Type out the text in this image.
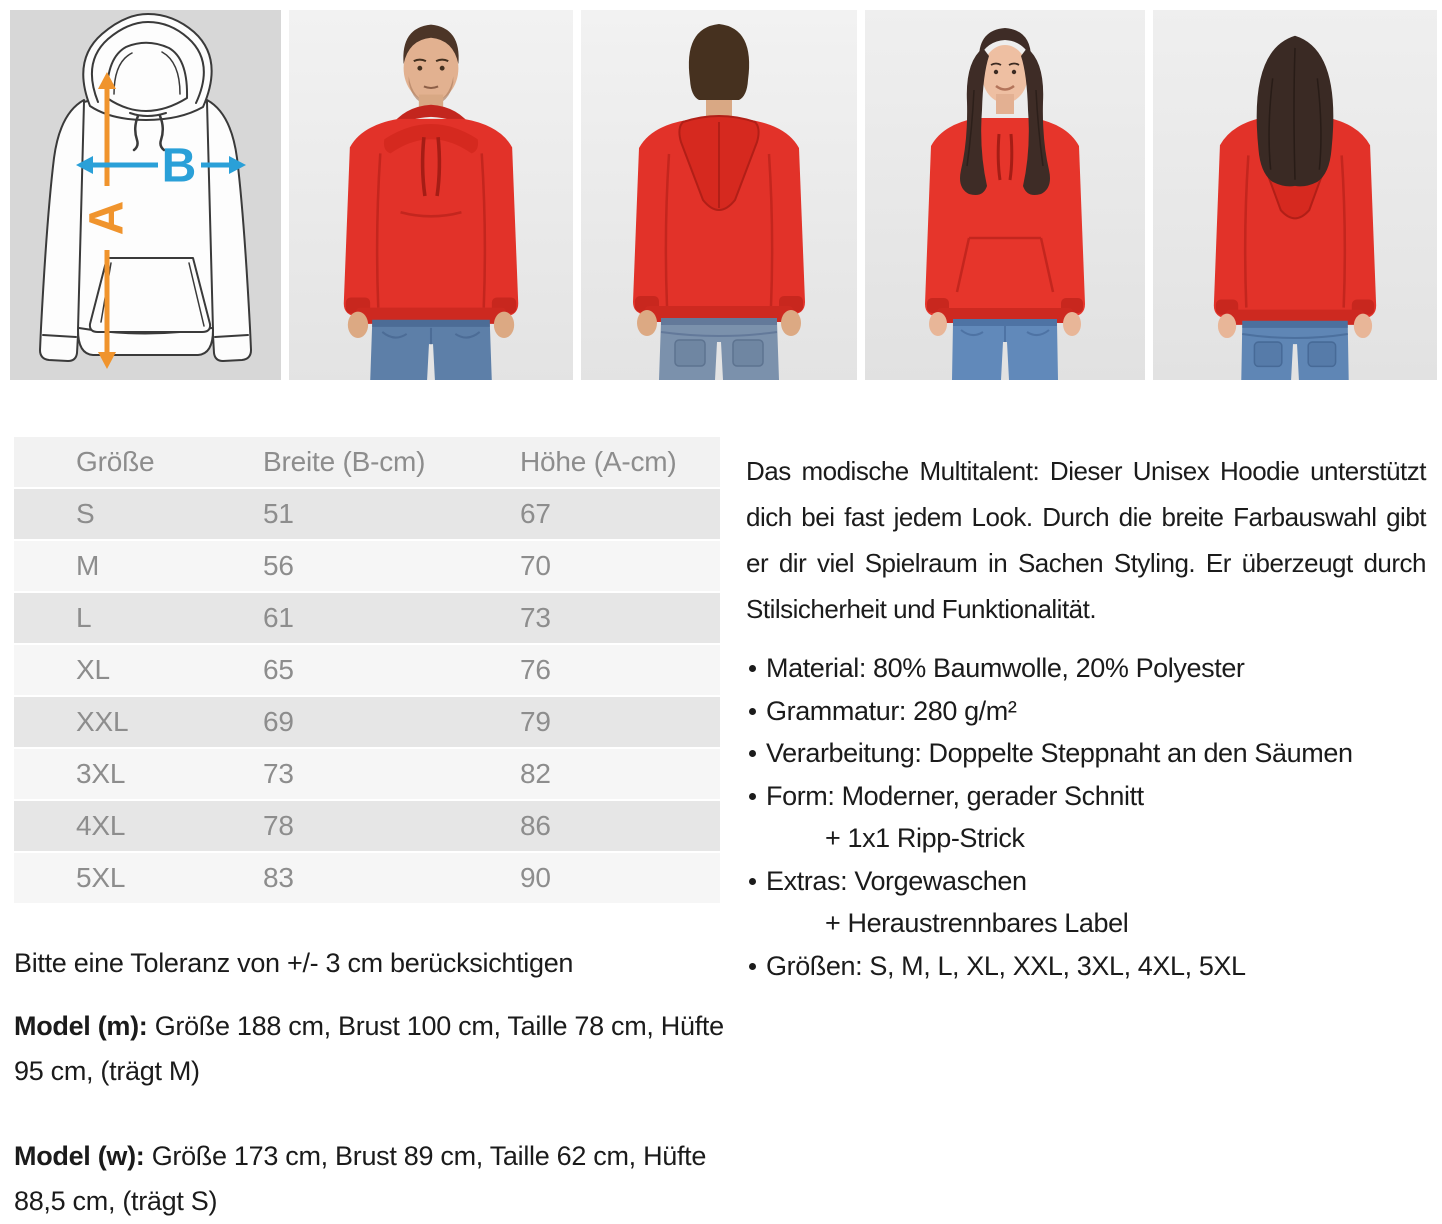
A
B
Größe	Breite (B-cm)	Höhe (A-cm)
S	51	67
M	56	70
L	61	73
XL	65	76
XXL	69	79
3XL	73	82
4XL	78	86
5XL	83	90

Bitte eine Toleranz von +/- 3 cm berücksichtigen

Model (m): Größe 188 cm, Brust 100 cm, Taille 78 cm, Hüfte 95 cm, (trägt M)

Model (w): Größe 173 cm, Brust 89 cm, Taille 62 cm, Hüfte 88,5 cm, (trägt S)

Das modische Multitalent: Dieser Unisex Hoodie unterstützt dich bei fast jedem Look. Durch die breite Farbauswahl gibt er dir viel Spielraum in Sachen Styling. Er überzeugt durch Stilsicherheit und Funktionalität.

Material: 80% Baumwolle, 20% Polyester
Grammatur: 280 g/m²
Verarbeitung: Doppelte Steppnaht an den Säumen
Form: Moderner, gerader Schnitt
+ 1x1 Ripp-Strick
Extras: Vorgewaschen
+ Heraustrennbares Label
Größen: S, M, L, XL, XXL, 3XL, 4XL, 5XL
